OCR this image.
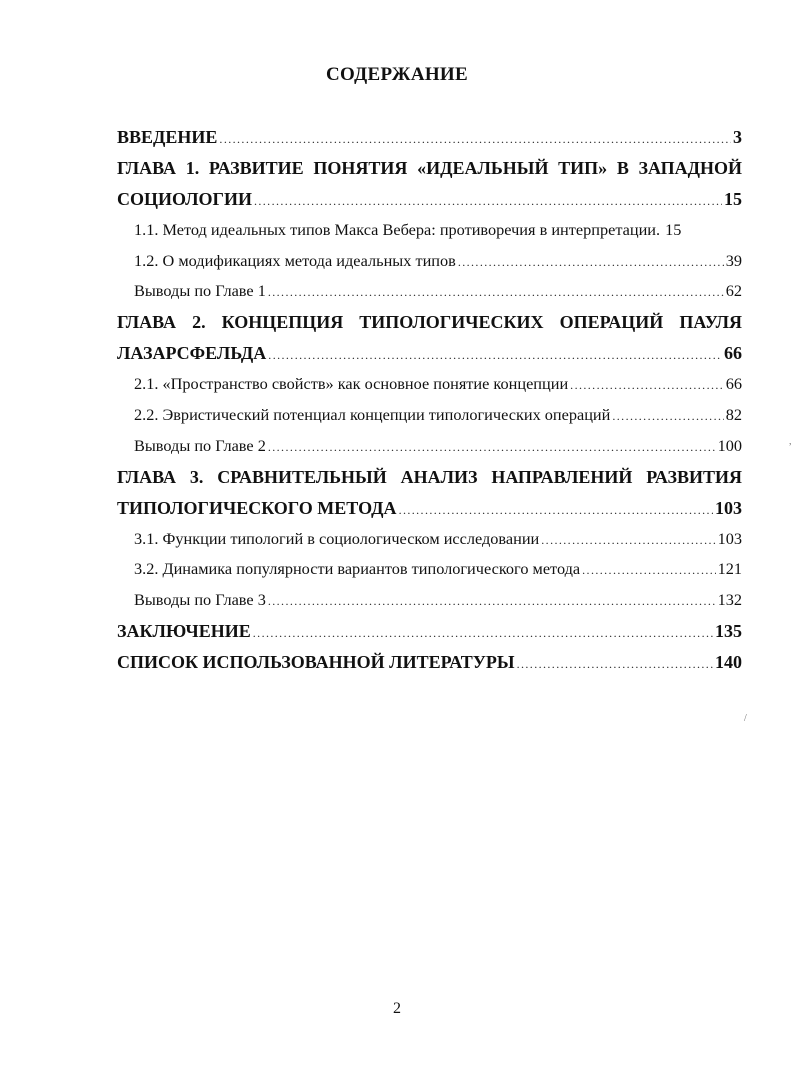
СОДЕРЖАНИЕ
ВВЕДЕНИЕ .....	3
ГЛАВА 1. РАЗВИТИЕ ПОНЯТИЯ «ИДЕАЛЬНЫЙ ТИП» В ЗАПАДНОЙ
СОЦИОЛОГИИ .....	15
1.1. Метод идеальных типов Макса Вебера: противоречия в интерпретации. 15
1.2. О модификациях метода идеальных типов .....	39
Выводы по Главе 1 .....	62
ГЛАВА 2. КОНЦЕПЦИЯ ТИПОЛОГИЧЕСКИХ ОПЕРАЦИЙ ПАУЛЯ
ЛАЗАРСФЕЛЬДА .....	66
2.1. «Пространство свойств» как основное понятие концепции .....	66
2.2. Эвристический потенциал концепции типологических операций .....	82
Выводы по Главе 2 .....	100
ГЛАВА 3. СРАВНИТЕЛЬНЫЙ АНАЛИЗ НАПРАВЛЕНИЙ РАЗВИТИЯ
ТИПОЛОГИЧЕСКОГО МЕТОДА .....	103
3.1. Функции типологий в социологическом исследовании .....	103
3.2. Динамика популярности вариантов типологического метода .....	121
Выводы по Главе 3 .....	132
ЗАКЛЮЧЕНИЕ .....	135
СПИСОК ИСПОЛЬЗОВАННОЙ ЛИТЕРАТУРЫ .....	140
,
/
2
